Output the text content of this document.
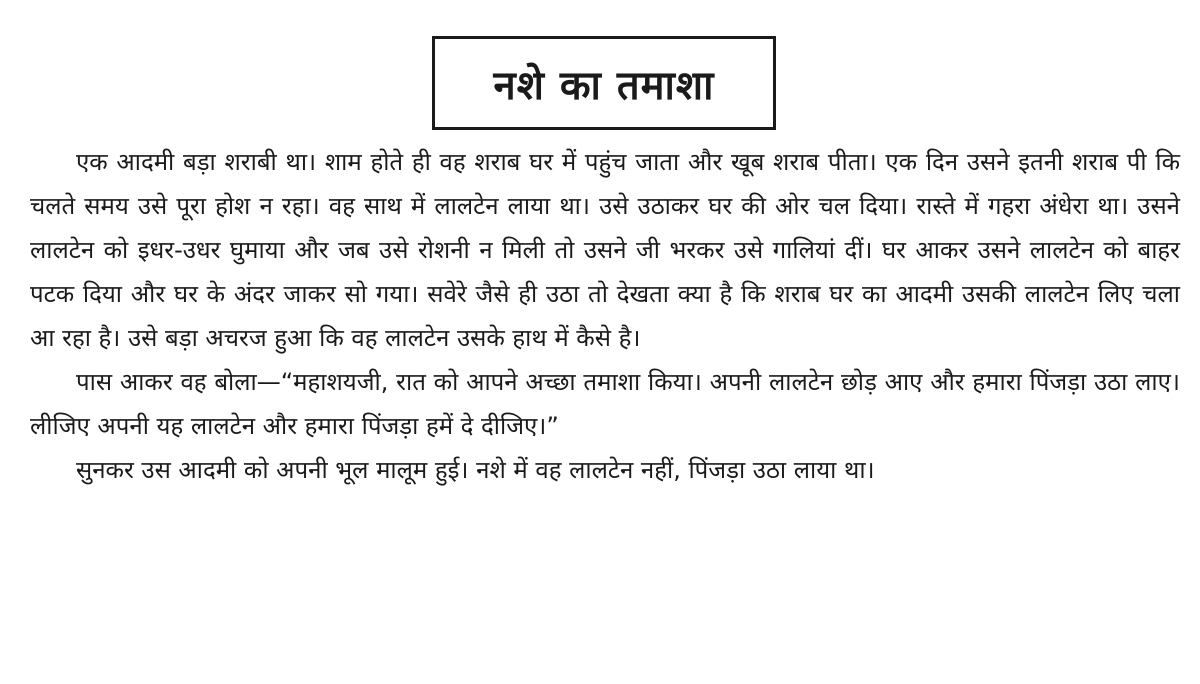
नशे का तमाशा

एक आदमी बड़ा शराबी था। शाम होते ही वह शराब घर में पहुंच जाता और खूब शराब पीता। एक दिन उसने इतनी शराब पी कि चलते समय उसे पूरा होश न रहा। वह साथ में लालटेन लाया था। उसे उठाकर घर की ओर चल दिया। रास्ते में गहरा अंधेरा था। उसने लालटेन को इधर-उधर घुमाया और जब उसे रोशनी न मिली तो उसने जी भरकर उसे गालियां दीं। घर आकर उसने लालटेन को बाहर पटक दिया और घर के अंदर जाकर सो गया। सवेरे जैसे ही उठा तो देखता क्या है कि शराब घर का आदमी उसकी लालटेन लिए चला आ रहा है। उसे बड़ा अचरज हुआ कि वह लालटेन उसके हाथ में कैसे है।

पास आकर वह बोला—“महाशयजी, रात को आपने अच्छा तमाशा किया। अपनी लालटेन छोड़ आए और हमारा पिंजड़ा उठा लाए। लीजिए अपनी यह लालटेन और हमारा पिंजड़ा हमें दे दीजिए।”

सुनकर उस आदमी को अपनी भूल मालूम हुई। नशे में वह लालटेन नहीं, पिंजड़ा उठा लाया था।
